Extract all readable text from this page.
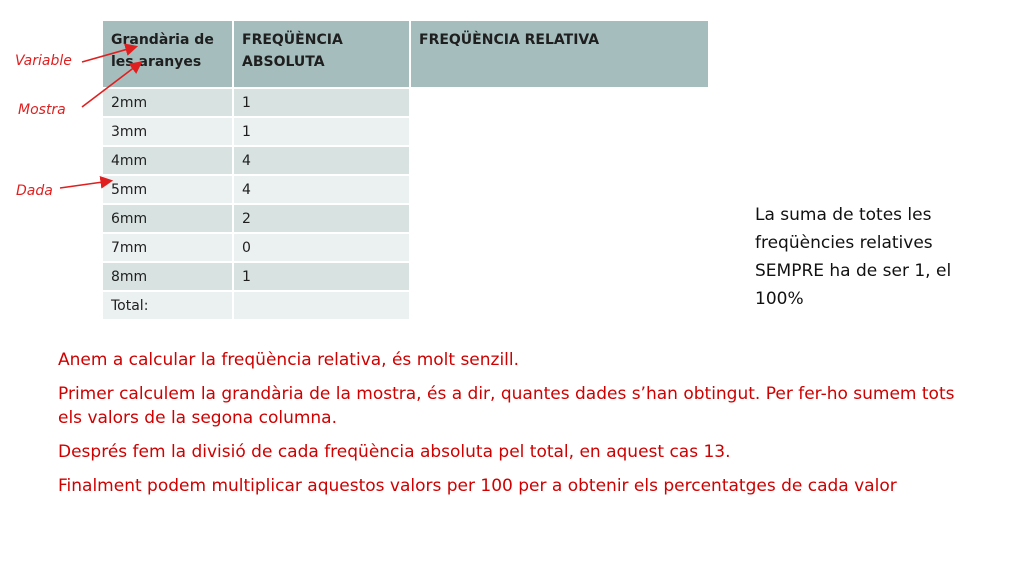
Grandària de les aranyes	FREQÜÈNCIA ABSOLUTA	FREQÜÈNCIA RELATIVA
2mm	1	
3mm	1	
4mm	4	
5mm	4	
6mm	2	
7mm	0	
8mm	1	
Total:		
Variable
Mostra
Dada
La suma de totes les freqüències relatives SEMPRE ha de ser 1, el 100%

Anem a calcular la freqüència relativa, és molt senzill.

Primer calculem la grandària de la mostra, és a dir, quantes dades s’han obtingut. Per fer-ho sumem tots els valors de la segona columna.

Després fem la divisió de cada freqüència absoluta pel total, en aquest cas 13.

Finalment podem multiplicar aquestos valors per 100 per a obtenir els percentatges de cada valor
